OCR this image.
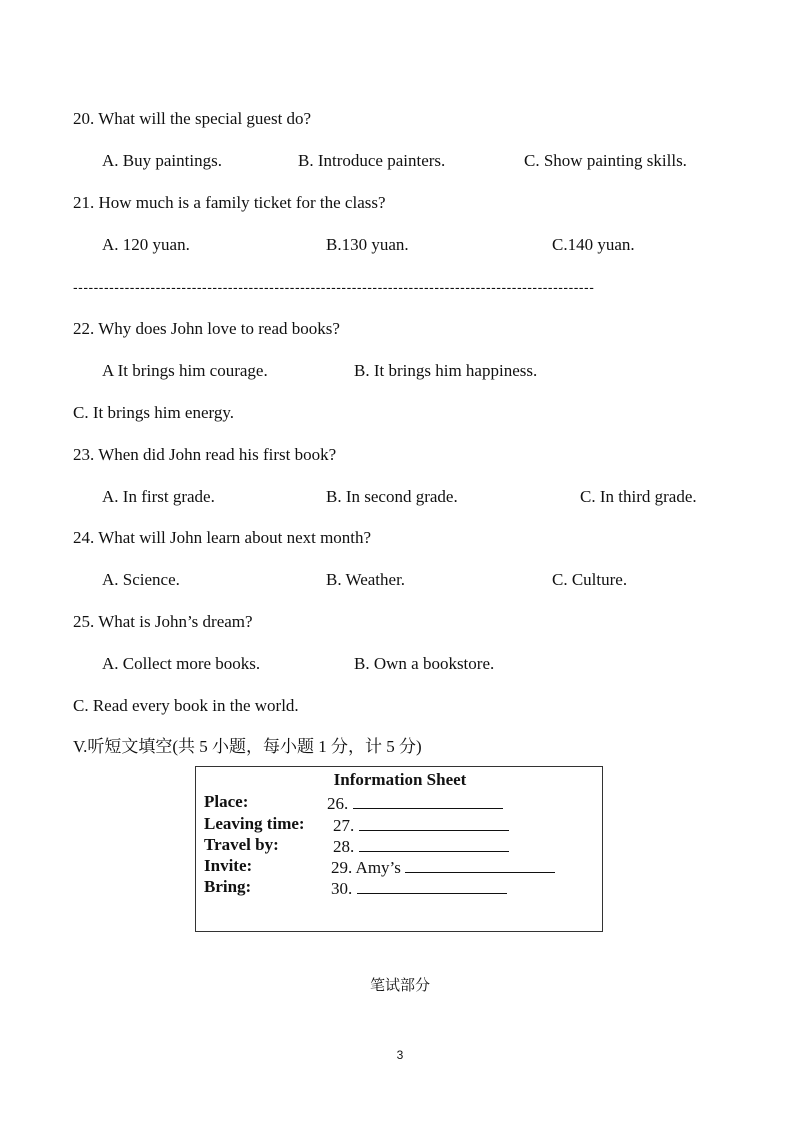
20. What will the special guest do?
A. Buy paintings.	B. Introduce painters.	C. Show painting skills.
21. How much is a family ticket for the class?
A. 120 yuan.	B.130 yuan.	C.140 yuan.
-----------------------------------------------------------------------------------------------------
22. Why does John love to read books?
A It brings him courage.	B. It brings him happiness.
C. It brings him energy.
23. When did John read his first book?
A. In first grade.	B. In second grade.	C. In third grade.
24. What will John learn about next month?
A. Science.	B. Weather.	C. Culture.
25. What is John’s dream?
A. Collect more books.	B. Own a bookstore.
C. Read every book in the world.
V.听短文填空(共 5 小题，每小题 1 分，计 5 分)
Information Sheet
Place:	26.
Leaving time: 27.
Travel by:	28.
Invite:	29. Amy’s
Bring:	30.
笔试部分
3
